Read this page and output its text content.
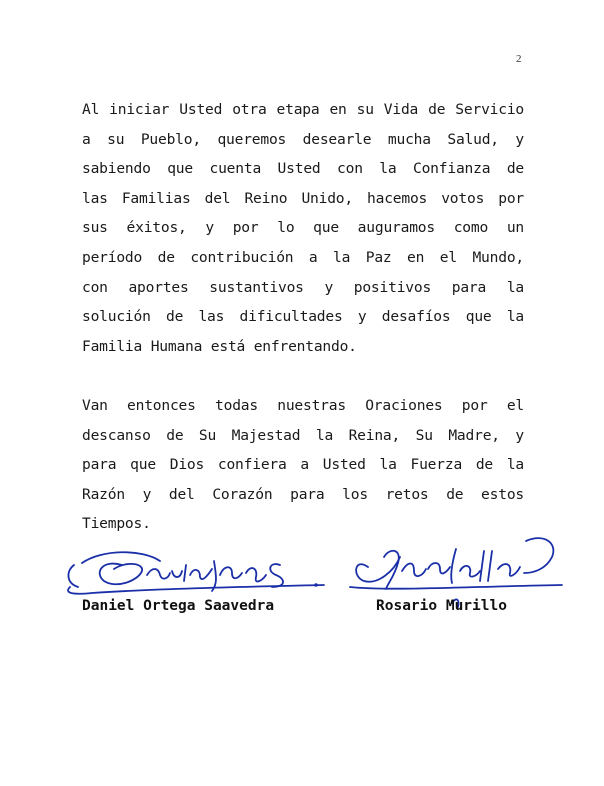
2
Al iniciar Usted otra etapa en su Vida de Servicio
a su Pueblo, queremos desearle mucha Salud, y
sabiendo que cuenta Usted con la Confianza de
las Familias del Reino Unido, hacemos votos por
sus éxitos, y por lo que auguramos como un
período de contribución a la Paz en el Mundo,
con aportes sustantivos y positivos para la
solución de las dificultades y desafíos que la
Familia Humana está enfrentando.
Van entonces todas nuestras Oraciones por el
descanso de Su Majestad la Reina, Su Madre, y
para que Dios confiera a Usted la Fuerza de la
Razón y del Corazón para los retos de estos
Tiempos.
Daniel Ortega Saavedra	Rosario Murillo
